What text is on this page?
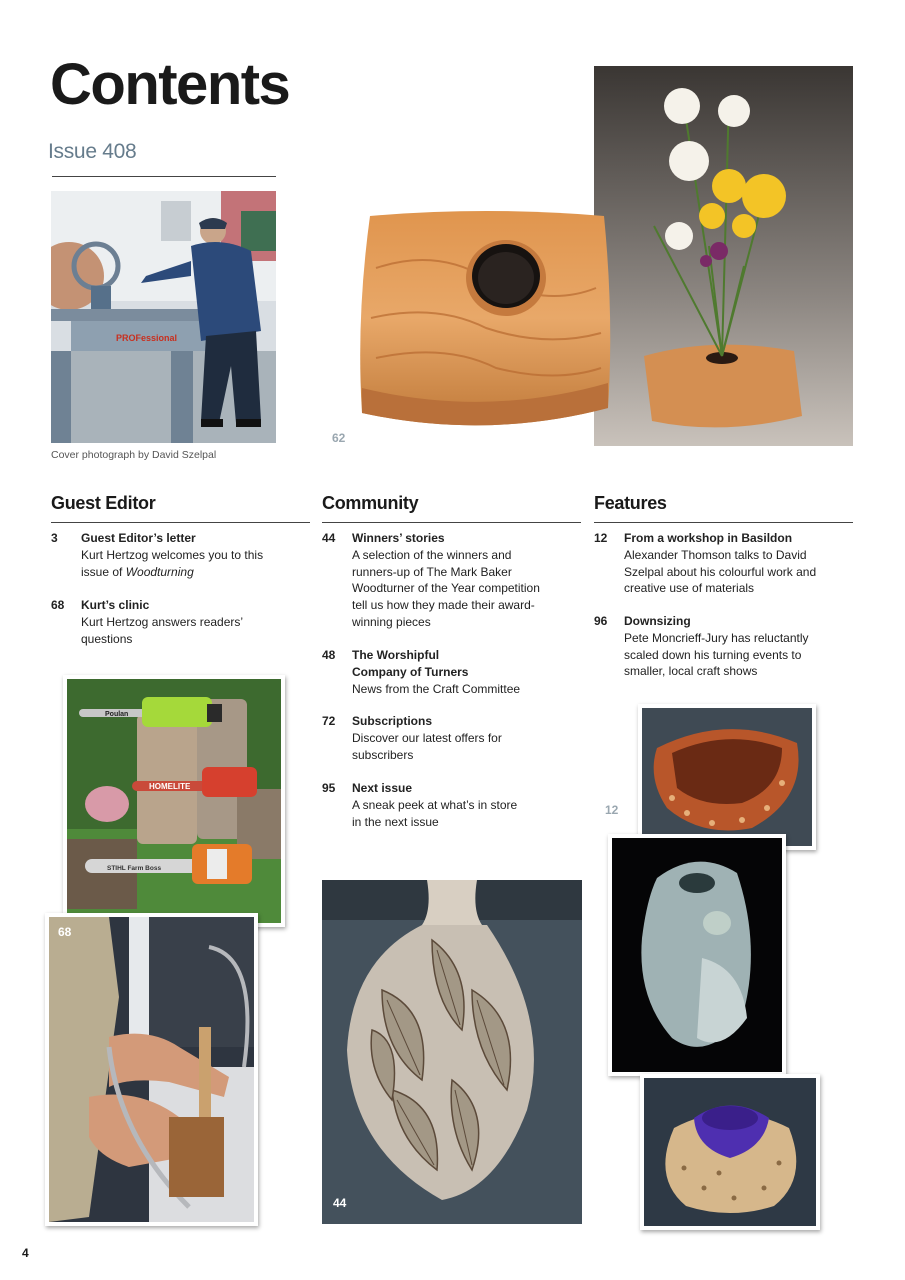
Contents
Issue 408
PROFessional
Cover photograph by David Szelpal
62
Guest Editor	Community	Features
3 Guest Editor’s letter
Kurt Hertzog welcomes you to this issue of Woodturning
68 Kurt’s clinic
Kurt Hertzog answers readers’ questions
44 Winners’ stories
A selection of the winners and runners-up of The Mark Baker Woodturner of the Year competition tell us how they made their award-winning pieces
48 The Worshipful Company of Turners
News from the Craft Committee
72 Subscriptions
Discover our latest offers for subscribers
95 Next issue
A sneak peek at what’s in store in the next issue
12 From a workshop in Basildon
Alexander Thomson talks to David Szelpal about his colourful work and creative use of materials
96 Downsizing
Pete Moncrieff-Jury has reluctantly scaled down his turning events to smaller, local craft shows
Poulan
HOMELITE
STIHL Farm Boss
68
44
12
4
